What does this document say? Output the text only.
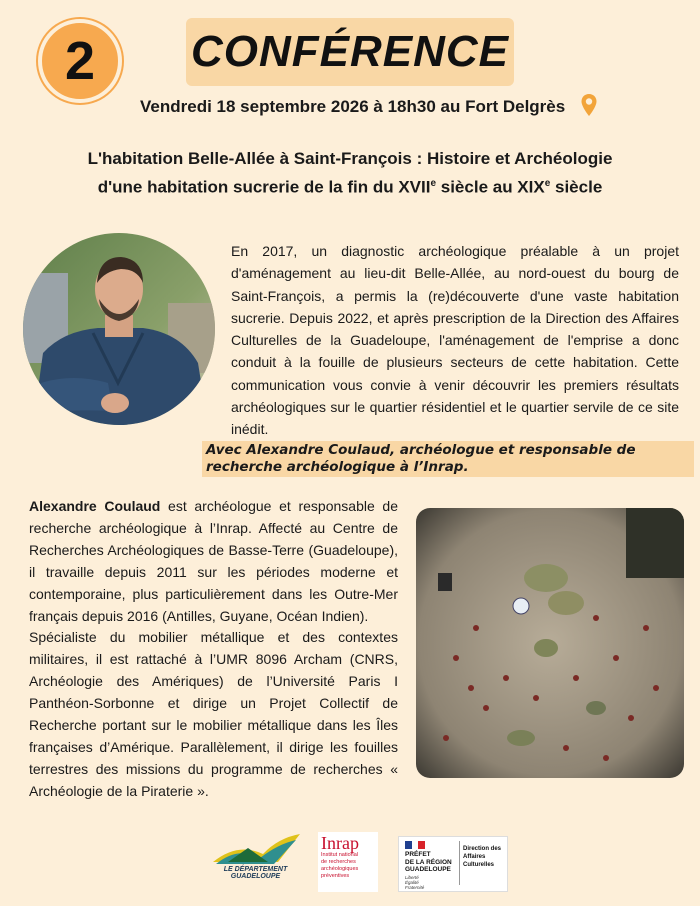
2 CONFÉRENCE
Vendredi 18 septembre 2026 à 18h30 au Fort Delgrès
L'habitation Belle-Allée à Saint-François : Histoire et Archéologie
d'une habitation sucrerie de la fin du XVIIe siècle au XIXe siècle
En 2017, un diagnostic archéologique préalable à un projet d'aménagement au lieu-dit Belle-Allée, au nord-ouest du bourg de Saint-François, a permis la (re)découverte d'une vaste habitation sucrerie. Depuis 2022, et après prescription de la Direction des Affaires Culturelles de la Guadeloupe, l'aménagement de l'emprise a donc conduit à la fouille de plusieurs secteurs de cette habitation. Cette communication vous convie à venir découvrir les premiers résultats archéologiques sur le quartier résidentiel et le quartier servile de ce site inédit.
Avec Alexandre Coulaud, archéologue et responsable de recherche archéologique à l’Inrap.

Alexandre Coulaud est archéologue et responsable de recherche archéologique à l’Inrap. Affecté au Centre de Recherches Archéologiques de Basse-Terre (Guadeloupe), il travaille depuis 2011 sur les périodes moderne et contemporaine, plus particulièrement dans les Outre-Mer français depuis 2016 (Antilles, Guyane, Océan Indien).

Spécialiste du mobilier métallique et des contextes militaires, il est rattaché à l’UMR 8096 Archam (CNRS, Archéologie des Amériques) de l’Université Paris I Panthéon-Sorbonne et dirige un Projet Collectif de Recherche portant sur le mobilier métallique dans les Îles françaises d’Amérique. Parallèlement, il dirige les fouilles terrestres des missions du programme de recherches « Archéologie de la Piraterie ».

LE DÉPARTEMENT
GUADELOUPE
Inrap
Institut national
de recherches
archéologiques
préventives
PRÉFET
DE LA RÉGION
GUADELOUPE
Liberté
Égalité
Fraternité
Direction des
Affaires
Culturelles
